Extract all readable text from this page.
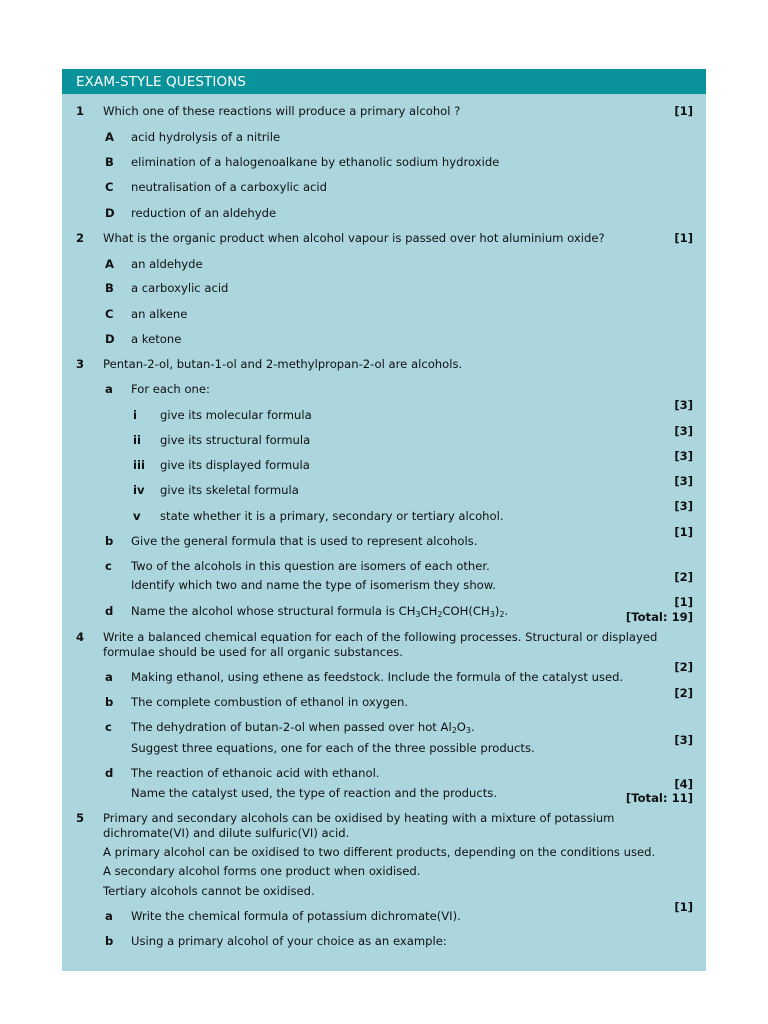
EXAM-STYLE QUESTIONS
1 Which one of these reactions will produce a primary alcohol ?	[1]
A acid hydrolysis of a nitrile
B elimination of a halogenoalkane by ethanolic sodium hydroxide
C neutralisation of a carboxylic acid
D reduction of an aldehyde
2 What is the organic product when alcohol vapour is passed over hot aluminium oxide?	[1]
A an aldehyde
B a carboxylic acid
C an alkene
D a ketone
3 Pentan-2-ol, butan-1-ol and 2-methylpropan-2-ol are alcohols.
a For each one:
i give its molecular formula
[3]
ii give its structural formula
[3]
iii give its displayed formula
[3]
iv give its skeletal formula
[3]
v state whether it is a primary, secondary or tertiary alcohol.
[3]
b Give the general formula that is used to represent alcohols.
[1]
c Two of the alcohols in this question are isomers of each other.
Identify which two and name the type of isomerism they show.
[2]
d Name the alcohol whose structural formula is $CH_3CH_2COH(CH_3)_2$.
[1]
[Total: 19]
4 Write a balanced chemical equation for each of the following processes. Structural or displayed
formulae should be used for all organic substances.
a Making ethanol, using ethene as feedstock. Include the formula of the catalyst used.
[2]
b The complete combustion of ethanol in oxygen.
[2]
c The dehydration of butan-2-ol when passed over hot $Al_2O_3$.
Suggest three equations, one for each of the three possible products.
[3]
d The reaction of ethanoic acid with ethanol.
Name the catalyst used, the type of reaction and the products.
[4]
[Total: 11]
5 Primary and secondary alcohols can be oxidised by heating with a mixture of potassium
dichromate(VI) and dilute sulfuric(VI) acid.
A primary alcohol can be oxidised to two different products, depending on the conditions used.
A secondary alcohol forms one product when oxidised.
Tertiary alcohols cannot be oxidised.
a Write the chemical formula of potassium dichromate(VI).
[1]
b Using a primary alcohol of your choice as an example:
